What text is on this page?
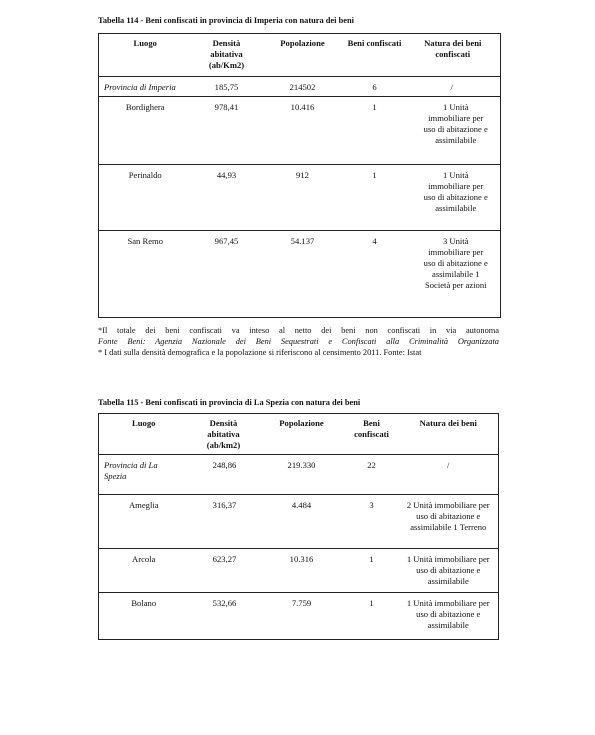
Tabella 114 - Beni confiscati in provincia di Imperia con natura dei beni
Luogo	Densità abitativa (ab/Km2)	Popolazione	Beni confiscati	Natura dei beni confiscati
Provincia di Imperia	185,75	214502	6	/
Bordighera	978,41	10.416	1	1 Unità immobiliare per uso di abitazione e assimilabile
Perinaldo	44,93	912	1	1 Unità immobiliare per uso di abitazione e assimilabile
San Remo	967,45	54.137	4	3 Unità immobiliare per uso di abitazione e assimilabile 1 Società per azioni
*Il totale dei beni confiscati va inteso al netto dei beni non confiscati in via autonoma
Fonte Beni: Agenzia Nazionale dei Beni Sequestrati e Confiscati alla Criminalità Organizzata
* I dati sulla densità demografica e la popolazione si riferiscono al censimento 2011. Fonte: Istat
Tabella 115 - Beni confiscati in provincia di La Spezia con natura dei beni
Luogo	Densità abitativa (ab/km2)	Popolazione	Beni confiscati	Natura dei beni
Provincia di La Spezia	248,86	219.330	22	/
Ameglia	316,37	4.484	3	2 Unità immobiliare per uso di abitazione e assimilabile 1 Terreno
Arcola	623,27	10.316	1	1 Unità immobiliare per uso di abitazione e assimilabile
Bolano	532,66	7.759	1	1 Unità immobiliare per uso di abitazione e assimilabile
